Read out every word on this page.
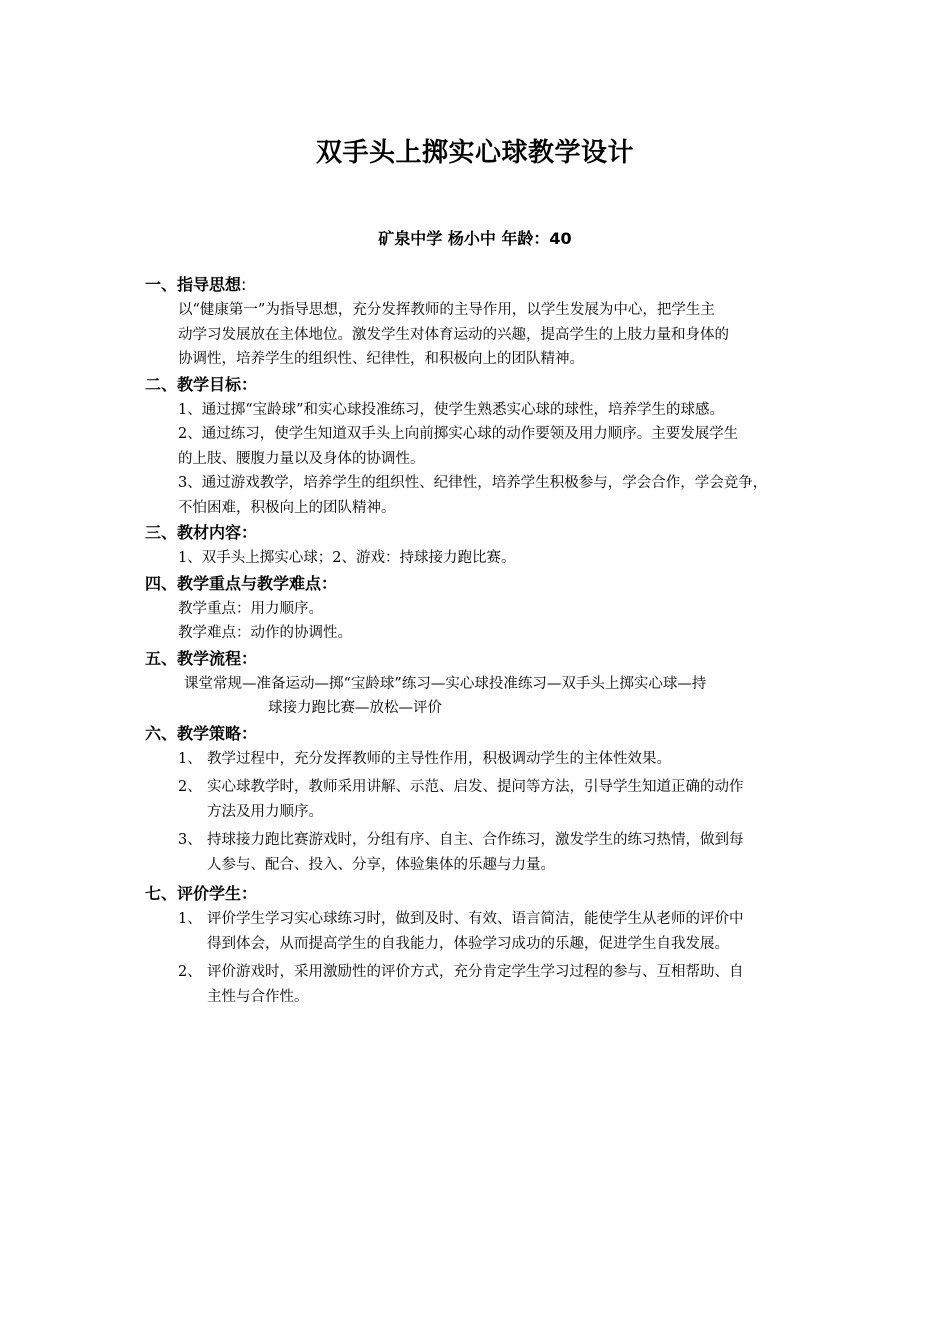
双手头上掷实心球教学设计
矿泉中学 杨小中 年龄：40
一、指导思想:
以“健康第一”为指导思想，充分发挥教师的主导作用，以学生发展为中心，把学生主
动学习发展放在主体地位。激发学生对体育运动的兴趣，提高学生的上肢力量和身体的
协调性，培养学生的组织性、纪律性，和积极向上的团队精神。
二、教学目标：
1、通过掷“宝龄球”和实心球投准练习，使学生熟悉实心球的球性，培养学生的球感。
2、通过练习，使学生知道双手头上向前掷实心球的动作要领及用力顺序。主要发展学生
的上肢、腰腹力量以及身体的协调性。
3、通过游戏教学，培养学生的组织性、纪律性，培养学生积极参与，学会合作，学会竞争，
不怕困难，积极向上的团队精神。
三、教材内容：
1、双手头上掷实心球；2、游戏：持球接力跑比赛。
四、教学重点与教学难点：
教学重点：用力顺序。
教学难点：动作的协调性。
五、教学流程：
课堂常规—准备运动—掷“宝龄球”练习—实心球投准练习—双手头上掷实心球—持
球接力跑比赛—放松—评价
六、教学策略：
1、 教学过程中，充分发挥教师的主导性作用，积极调动学生的主体性效果。
2、 实心球教学时，教师采用讲解、示范、启发、提问等方法，引导学生知道正确的动作
方法及用力顺序。
3、 持球接力跑比赛游戏时，分组有序、自主、合作练习，激发学生的练习热情，做到每
人参与、配合、投入、分享，体验集体的乐趣与力量。
七、评价学生：
1、 评价学生学习实心球练习时，做到及时、有效、语言简洁，能使学生从老师的评价中
得到体会，从而提高学生的自我能力，体验学习成功的乐趣，促进学生自我发展。
2、 评价游戏时，采用激励性的评价方式，充分肯定学生学习过程的参与、互相帮助、自
主性与合作性。
